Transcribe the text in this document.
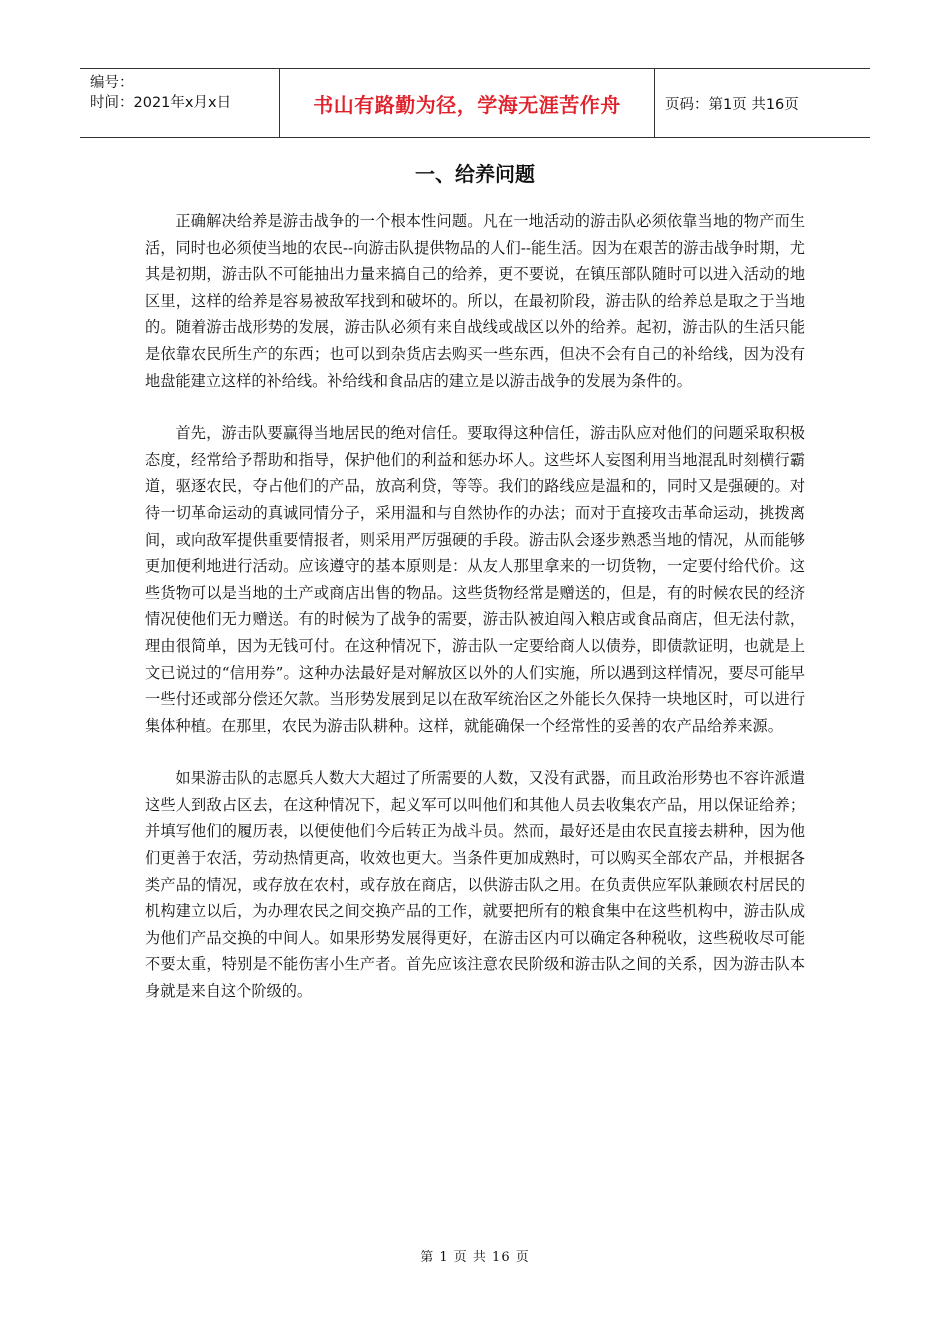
编号：
时间：2021年x月x日	书山有路勤为径，学海无涯苦作舟	页码：第1页 共16页
一、给养问题

正确解决给养是游击战争的一个根本性问题。凡在一地活动的游击队必须依靠当地的物产而生活，同时也必须使当地的农民--向游击队提供物品的人们--能生活。因为在艰苦的游击战争时期，尤其是初期，游击队不可能抽出力量来搞自己的给养，更不要说，在镇压部队随时可以进入活动的地区里，这样的给养是容易被敌军找到和破坏的。所以，在最初阶段，游击队的给养总是取之于当地的。随着游击战形势的发展，游击队必须有来自战线或战区以外的给养。起初，游击队的生活只能是依靠农民所生产的东西；也可以到杂货店去购买一些东西，但决不会有自己的补给线，因为没有地盘能建立这样的补给线。补给线和食品店的建立是以游击战争的发展为条件的。

首先，游击队要赢得当地居民的绝对信任。要取得这种信任，游击队应对他们的问题采取积极态度，经常给予帮助和指导，保护他们的利益和惩办坏人。这些坏人妄图利用当地混乱时刻横行霸道，驱逐农民，夺占他们的产品，放高利贷，等等。我们的路线应是温和的，同时又是强硬的。对待一切革命运动的真诚同情分子，采用温和与自然协作的办法；而对于直接攻击革命运动，挑拨离间，或向敌军提供重要情报者，则采用严厉强硬的手段。游击队会逐步熟悉当地的情况，从而能够更加便利地进行活动。应该遵守的基本原则是：从友人那里拿来的一切货物，一定要付给代价。这些货物可以是当地的土产或商店出售的物品。这些货物经常是赠送的，但是，有的时候农民的经济情况使他们无力赠送。有的时候为了战争的需要，游击队被迫闯入粮店或食品商店，但无法付款，理由很简单，因为无钱可付。在这种情况下，游击队一定要给商人以债券，即债款证明，也就是上文已说过的“信用券”。这种办法最好是对解放区以外的人们实施，所以遇到这样情况，要尽可能早一些付还或部分偿还欠款。当形势发展到足以在敌军统治区之外能长久保持一块地区时，可以进行集体种植。在那里，农民为游击队耕种。这样，就能确保一个经常性的妥善的农产品给养来源。

如果游击队的志愿兵人数大大超过了所需要的人数，又没有武器，而且政治形势也不容许派遣这些人到敌占区去，在这种情况下，起义军可以叫他们和其他人员去收集农产品，用以保证给养；并填写他们的履历表，以便使他们今后转正为战斗员。然而，最好还是由农民直接去耕种，因为他们更善于农活，劳动热情更高，收效也更大。当条件更加成熟时，可以购买全部农产品，并根据各类产品的情况，或存放在农村，或存放在商店，以供游击队之用。在负责供应军队兼顾农村居民的机构建立以后，为办理农民之间交换产品的工作，就要把所有的粮食集中在这些机构中，游击队成为他们产品交换的中间人。如果形势发展得更好，在游击区内可以确定各种税收，这些税收尽可能不要太重，特别是不能伤害小生产者。首先应该注意农民阶级和游击队之间的关系，因为游击队本身就是来自这个阶级的。

第 1 页 共 16 页
